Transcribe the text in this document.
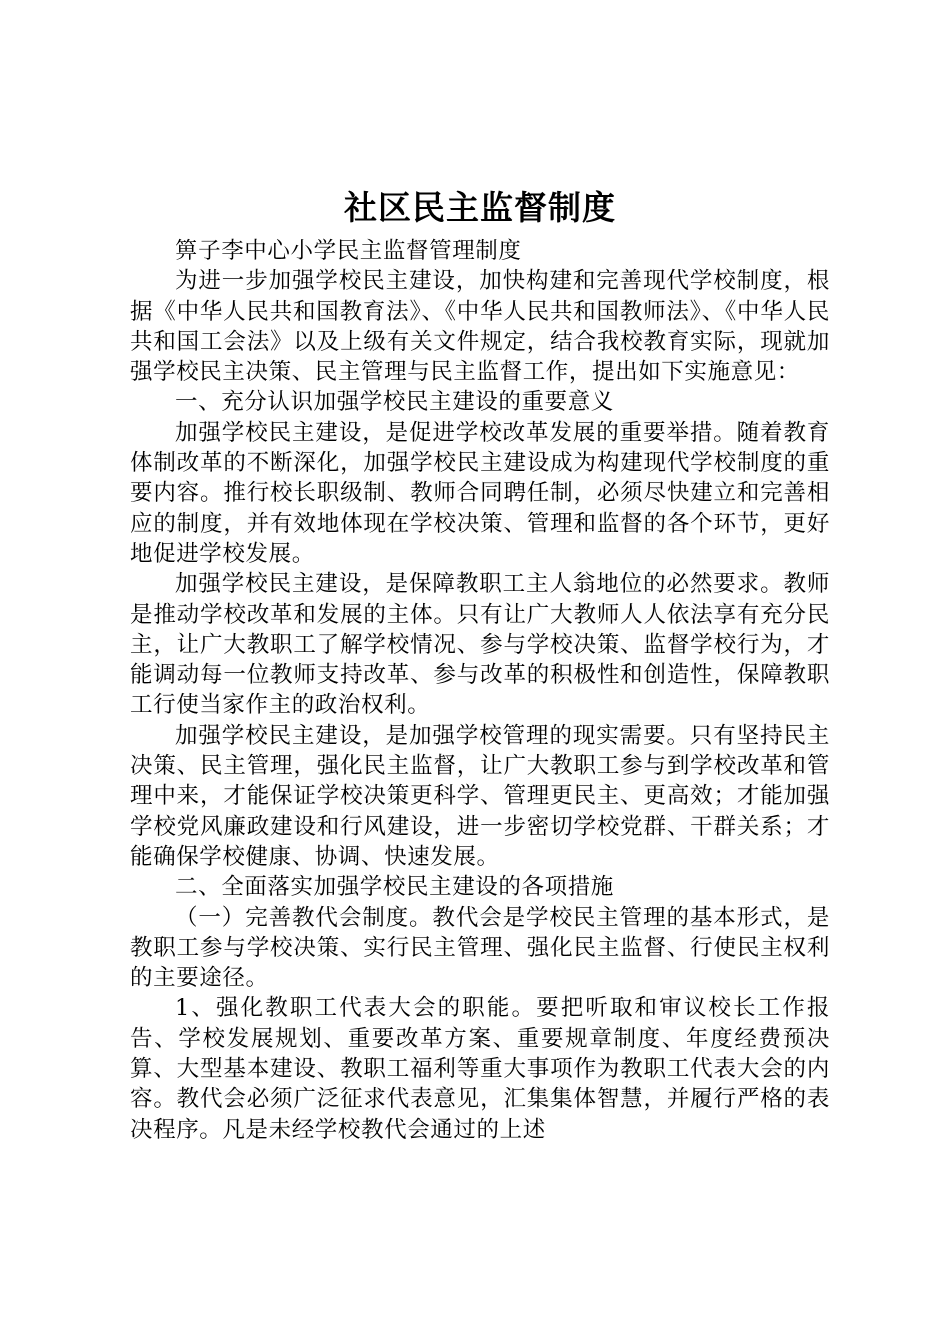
社区民主监督制度

箅子李中心小学民主监督管理制度

为进一步加强学校民主建设，加快构建和完善现代学校制度，根据《中华人民共和国教育法》、《中华人民共和国教师法》、《中华人民共和国工会法》以及上级有关文件规定，结合我校教育实际，现就加强学校民主决策、民主管理与民主监督工作，提出如下实施意见：

一、充分认识加强学校民主建设的重要意义

加强学校民主建设，是促进学校改革发展的重要举措。随着教育体制改革的不断深化，加强学校民主建设成为构建现代学校制度的重要内容。推行校长职级制、教师合同聘任制，必须尽快建立和完善相应的制度，并有效地体现在学校决策、管理和监督的各个环节，更好地促进学校发展。

加强学校民主建设，是保障教职工主人翁地位的必然要求。教师是推动学校改革和发展的主体。只有让广大教师人人依法享有充分民主，让广大教职工了解学校情况、参与学校决策、监督学校行为，才能调动每一位教师支持改革、参与改革的积极性和创造性，保障教职工行使当家作主的政治权利。

加强学校民主建设，是加强学校管理的现实需要。只有坚持民主决策、民主管理，强化民主监督，让广大教职工参与到学校改革和管理中来，才能保证学校决策更科学、管理更民主、更高效；才能加强学校党风廉政建设和行风建设，进一步密切学校党群、干群关系；才能确保学校健康、协调、快速发展。

二、全面落实加强学校民主建设的各项措施

（一）完善教代会制度。教代会是学校民主管理的基本形式，是教职工参与学校决策、实行民主管理、强化民主监督、行使民主权利的主要途径。

1、强化教职工代表大会的职能。要把听取和审议校长工作报告、学校发展规划、重要改革方案、重要规章制度、年度经费预决算、大型基本建设、教职工福利等重大事项作为教职工代表大会的内容。教代会必须广泛征求代表意见，汇集集体智慧，并履行严格的表决程序。凡是未经学校教代会通过的上述
